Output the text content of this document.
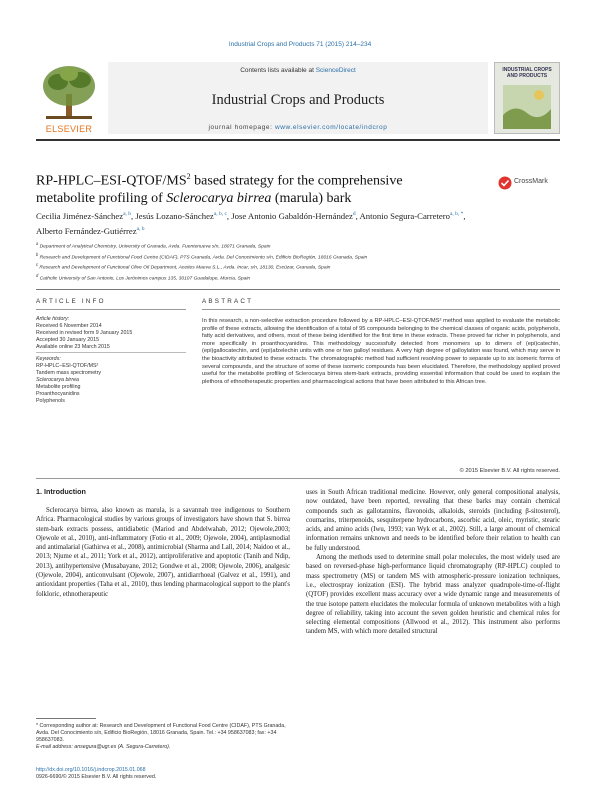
Industrial Crops and Products 71 (2015) 214–234
ELSEVIER
Contents lists available at ScienceDirect
Industrial Crops and Products
journal homepage: www.elsevier.com/locate/indcrop
INDUSTRIAL CROPS AND PRODUCTS
$RP-HPLC-ESI-QTOF/MS^2$ based strategy for the comprehensive metabolite profiling of Sclerocarya birrea (marula) bark
CrossMark
Cecilia Jiménez-Sánchez$^{a, b}$, Jesús Lozano-Sánchez$^{a, b, c}$, Jose Antonio Gabaldón-Hernández$^d$, Antonio Segura-Carretero$^{a, b, *}$, Alberto Fernández-Gutiérrez$^{a, b}$
$^a$ Department of Analytical Chemistry, University of Granada, Avda. Fuentenueva s/n, 18071 Granada, Spain
$^b$ Research and Development of Functional Food Centre (CIDAF), PTS Granada, Avda. Del Conocimiento s/n, Edificio BioRegión, 18016 Granada, Spain
$^c$ Research and Development of Functional Olive Oil Department, Aceites Maeva S.L., Avda. Incar, s/n, 18130, Escúzar, Granada, Spain
$^d$ Catholic University of San Antonio, Los Jerónimos campus 135, 30107 Guadalupe, Murcia, Spain
ARTICLE INFO
Article history:
Received 6 November 2014
Received in revised form 9 January 2015
Accepted 30 January 2015
Available online 23 March 2015
Keywords:
RP-HPLC–ESI-QTOF/MS²
Tandem mass spectrometry
Sclerocarya birrea
Metabolite profiling
Proanthocyanidins
Polyphenols
ABSTRACT
In this research, a non-selective extraction procedure followed by a RP-HPLC–ESI-QTOF/MS² method was applied to evaluate the metabolic profile of these extracts, allowing the identification of a total of 95 compounds belonging to the chemical classes of organic acids, polyphenols, fatty acid derivatives, and others, most of these being identified for the first time in these extracts. These proved far richer in polyphenols, and more specifically in proanthocyanidins. This methodology successfully detected from monomers up to dimers of (epi)catechin, (epi)gallocatechin, and (epi)afzelechin units with one or two galloyl residues. A very high degree of galloylation was found, which may serve in the bioactivity attributed to these extracts. The chromatographic method had sufficient resolving power to separate up to six isomeric forms of several compounds, and the structure of some of these isomeric compounds has been elucidated. Therefore, the methodology applied proved useful for the metabolite profiling of Sclerocarya birrea stem-bark extracts, providing essential information that could be used to explain the plethora of ethnotherapeutic properties and pharmacological actions that have been attributed to this African tree.
© 2015 Elsevier B.V. All rights reserved.
1. Introduction

Sclerocarya birrea, also known as marula, is a savannah tree indigenous to Southern Africa. Pharmacological studies by various groups of investigators have shown that S. birrea stem-bark extracts possess, antidiabetic (Mariod and Abdelwahab, 2012; Ojewole,2003; Ojewole et al., 2010), anti-inflammatory (Fotio et al., 2009; Ojewole, 2004), antiplasmodial and antimalarial (Gathirwa et al., 2008), antimicrobial (Sharma and Lall, 2014; Naidoo et al., 2013; Njume et al., 2011; York et al., 2012), antiproliferative and apoptotic (Tanih and Ndip, 2013), antihypertensive (Musabayane, 2012; Gondwe et al., 2008; Ojewole, 2006), analgesic (Ojewole, 2004), anticonvulsant (Ojewole, 2007), antidiarrhoeal (Galvez et al., 1991), and antioxidant properties (Taha et al., 2010), thus lending pharmacological support to the plant's folkloric, ethnotherapeutic

uses in South African traditional medicine. However, only general compositional analysis, now outdated, have been reported, revealing that these barks may contain chemical compounds such as gallotannins, flavonoids, alkaloids, steroids (including β-sitosterol), coumarins, triterpenoids, sesquiterpene hydrocarbons, ascorbic acid, oleic, myristic, stearic acids, and amino acids (Iwu, 1993; van Wyk et al., 2002). Still, a large amount of chemical information remains unknown and needs to be identified before their relation to health can be fully understood.

Among the methods used to determine small polar molecules, the most widely used are based on reversed-phase high-performance liquid chromatography (RP-HPLC) coupled to mass spectrometry (MS) or tandem MS with atmospheric-pressure ionization techniques, i.e., electrospray ionization (ESI). The hybrid mass analyzer quadrupole-time-of-flight (QTOF) provides excellent mass accuracy over a wide dynamic range and measurements of the true isotope pattern elucidates the molecular formula of unknown metabolites with a high degree of reliability, taking into account the seven golden heuristic and chemical rules for selecting elemental compositions (Allwood et al., 2012). This instrument also performs tandem MS, with which more detailed structural

* Corresponding author at: Research and Development of Functional Food Centre (CIDAF), PTS Granada, Avda. Del Conocimiento s/n, Edificio BioRegión, 18016 Granada, Spain. Tel.: +34 958637083; fax: +34 958637083.
E-mail address: ansegura@ugr.es (A. Segura-Carretero).
http://dx.doi.org/10.1016/j.indcrop.2015.01.068
0926-6690/© 2015 Elsevier B.V. All rights reserved.
